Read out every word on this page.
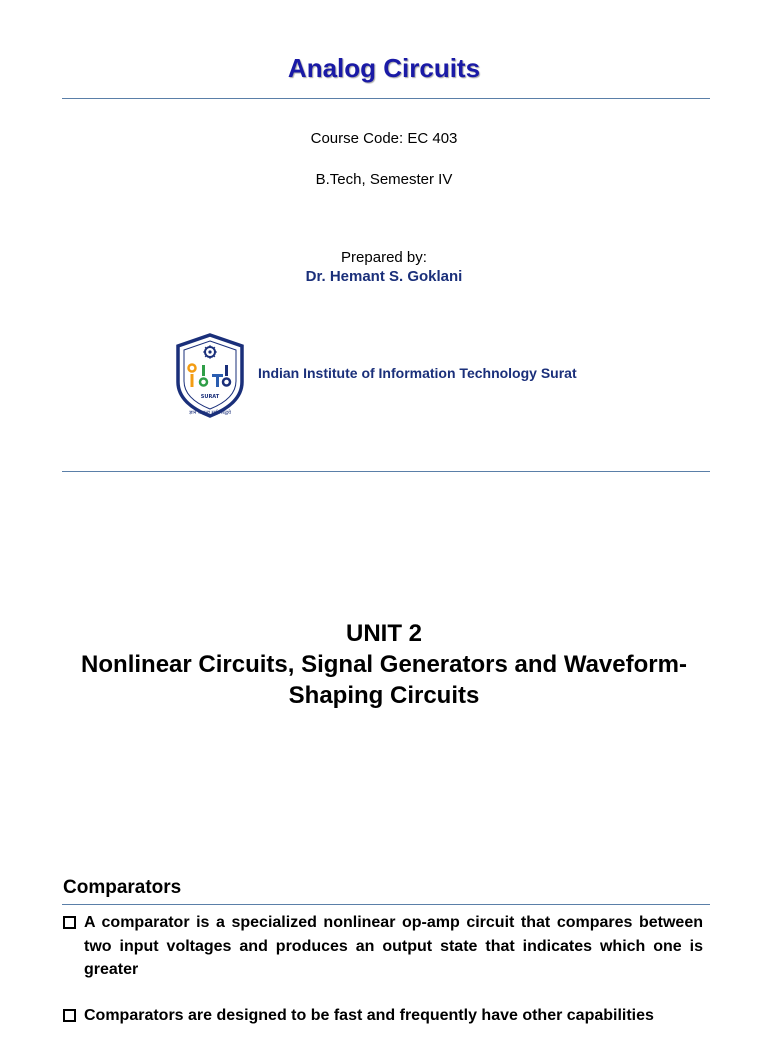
Analog Circuits
Course Code: EC 403
B.Tech, Semester IV
Prepared by:
Dr. Hemant S. Goklani
SURAT
ज्ञान व तत्त्व सर्व सिद्धये
Indian Institute of Information Technology Surat
UNIT 2
Nonlinear Circuits, Signal Generators and Waveform-Shaping Circuits
Comparators
A comparator is a specialized nonlinear op-amp circuit that compares between two input voltages and produces an output state that indicates which one is greater
Comparators are designed to be fast and frequently have other capabilities
